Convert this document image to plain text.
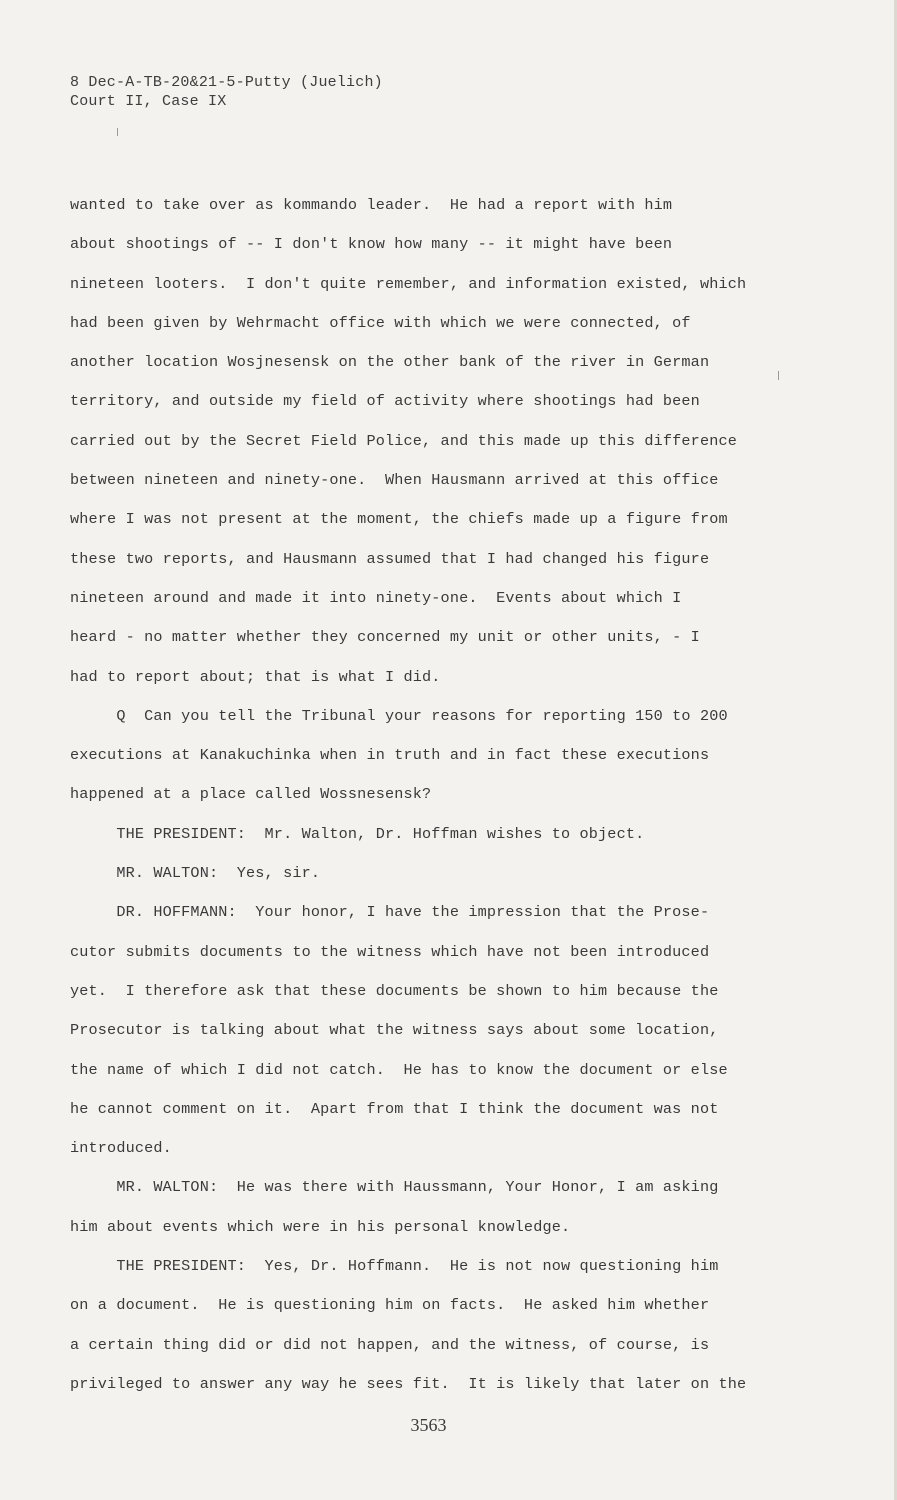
8 Dec-A-TB-20&21-5-Putty (Juelich)
Court II, Case IX
wanted to take over as kommando leader.  He had a report with him
about shootings of -- I don't know how many -- it might have been
nineteen looters.  I don't quite remember, and information existed, which
had been given by Wehrmacht office with which we were connected, of
another location Wosjnesensk on the other bank of the river in German
territory, and outside my field of activity where shootings had been
carried out by the Secret Field Police, and this made up this difference
between nineteen and ninety-one.  When Hausmann arrived at this office
where I was not present at the moment, the chiefs made up a figure from
these two reports, and Hausmann assumed that I had changed his figure
nineteen around and made it into ninety-one.  Events about which I
heard - no matter whether they concerned my unit or other units, - I
had to report about; that is what I did.
Q  Can you tell the Tribunal your reasons for reporting 150 to 200
executions at Kanakuchinka when in truth and in fact these executions
happened at a place called Wossnesensk?
THE PRESIDENT:  Mr. Walton, Dr. Hoffman wishes to object.
MR. WALTON:  Yes, sir.
DR. HOFFMANN:  Your honor, I have the impression that the Prose-
cutor submits documents to the witness which have not been introduced
yet.  I therefore ask that these documents be shown to him because the
Prosecutor is talking about what the witness says about some location,
the name of which I did not catch.  He has to know the document or else
he cannot comment on it.  Apart from that I think the document was not
introduced.
MR. WALTON:  He was there with Haussmann, Your Honor, I am asking
him about events which were in his personal knowledge.
THE PRESIDENT:  Yes, Dr. Hoffmann.  He is not now questioning him
on a document.  He is questioning him on facts.  He asked him whether
a certain thing did or did not happen, and the witness, of course, is
privileged to answer any way he sees fit.  It is likely that later on the
3563
